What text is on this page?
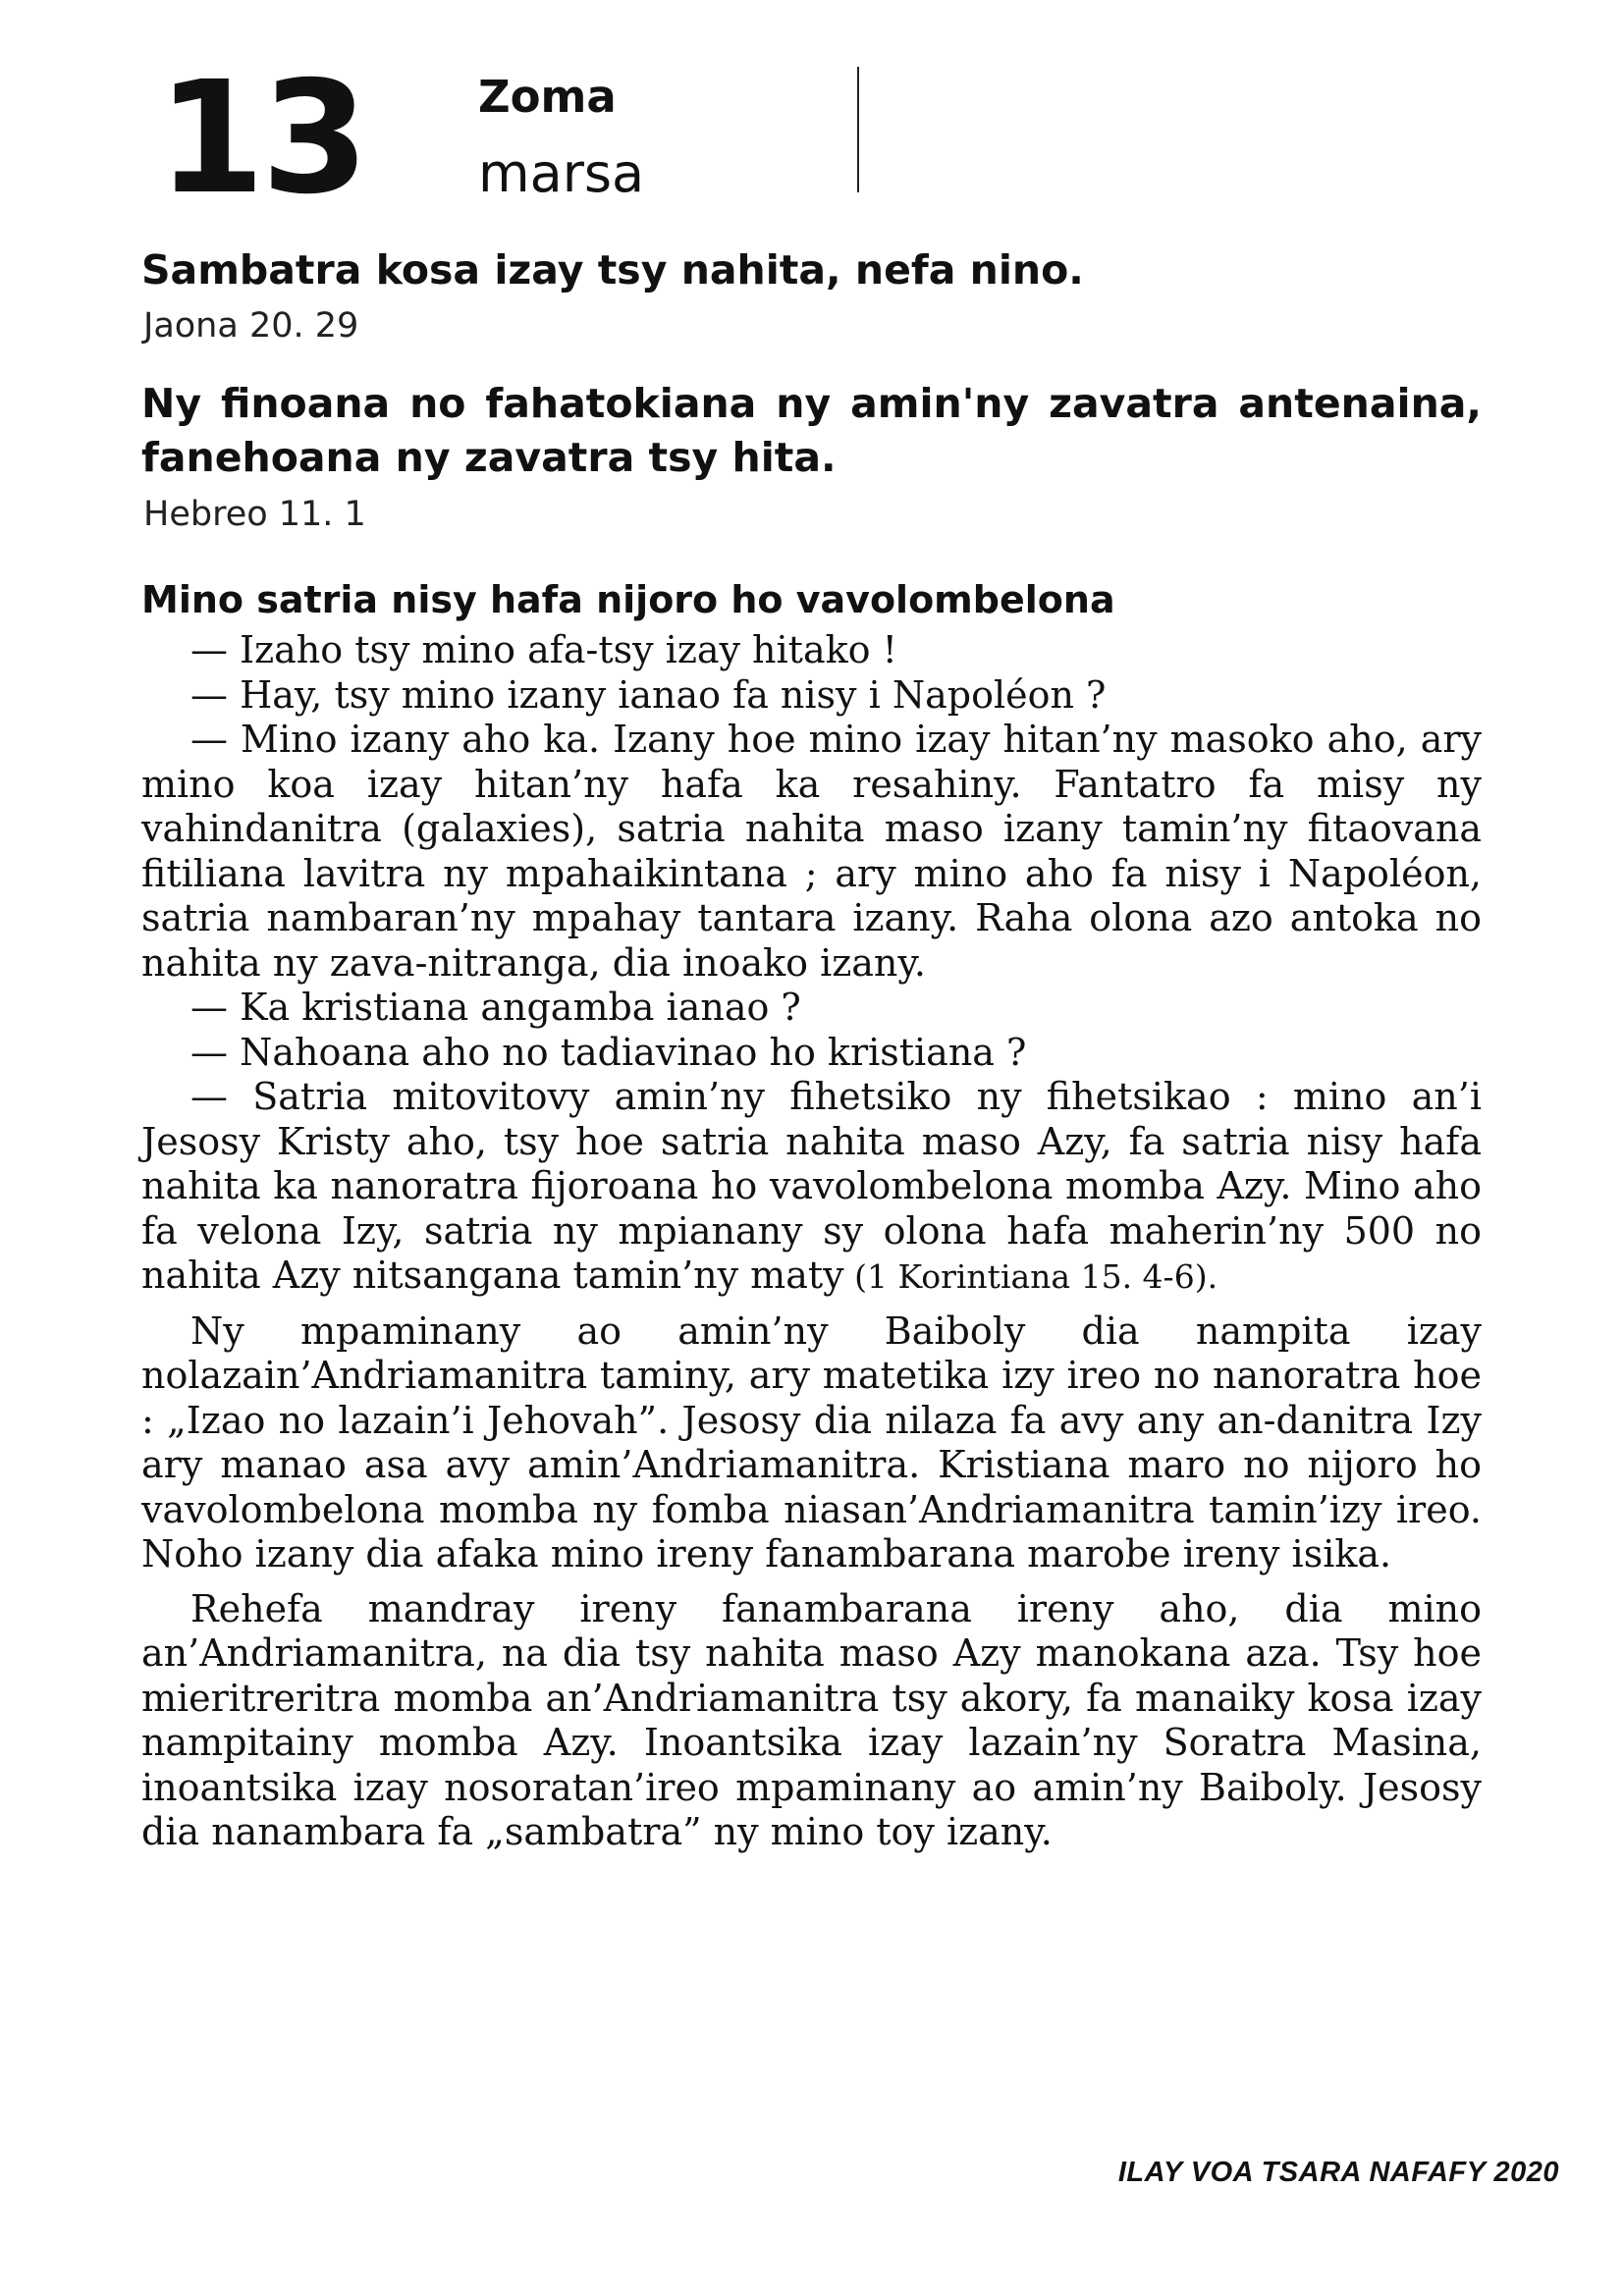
13	Zoma
marsa
Sambatra kosa izay tsy nahita, nefa nino.
Jaona 20. 29
Ny finoana no fahatokiana ny amin'ny zavatra antenaina, fanehoana ny zavatra tsy hita.
Hebreo 11. 1
Mino satria nisy hafa nijoro ho vavolombelona

— Izaho tsy mino afa-tsy izay hitako !

— Hay, tsy mino izany ianao fa nisy i Napoléon ?

— Mino izany aho ka. Izany hoe mino izay hitan’ny masoko aho, ary mino koa izay hitan’ny hafa ka resahiny. Fantatro fa misy ny vahindanitra (galaxies), satria nahita maso izany tamin’ny fitaovana fitiliana lavitra ny mpahaikintana ; ary mino aho fa nisy i Napoléon, satria nambaran’ny mpahay tantara izany. Raha olona azo antoka no nahita ny zava-nitranga, dia inoako izany.

— Ka kristiana angamba ianao ?

— Nahoana aho no tadiavinao ho kristiana ?

— Satria mitovitovy amin’ny fihetsiko ny fihetsikao : mino an’i Jesosy Kristy aho, tsy hoe satria nahita maso Azy, fa satria nisy hafa nahita ka nanoratra fijoroana ho vavolombelona momba Azy. Mino aho fa velona Izy, satria ny mpianany sy olona hafa maherin’ny 500 no nahita Azy nitsangana tamin’ny maty (1 Korintiana 15. 4-6).

Ny mpaminany ao amin’ny Baiboly dia nampita izay nolazain’Andriamanitra taminy, ary matetika izy ireo no nanoratra hoe : „Izao no lazain’i Jehovah”. Jesosy dia nilaza fa avy any an-danitra Izy ary manao asa avy amin’Andriamanitra. Kristiana maro no nijoro ho vavolombelona momba ny fomba niasan’Andriamanitra tamin’izy ireo. Noho izany dia afaka mino ireny fanambarana marobe ireny isika.

Rehefa mandray ireny fanambarana ireny aho, dia mino an’Andriamanitra, na dia tsy nahita maso Azy manokana aza. Tsy hoe mieritreritra momba an’Andriamanitra tsy akory, fa manaiky kosa izay nampitainy momba Azy. Inoantsika izay lazain’ny Soratra Masina, inoantsika izay nosoratan’ireo mpaminany ao amin’ny Baiboly. Jesosy dia nanambara fa „sambatra” ny mino toy izany.

ILAY VOA TSARA NAFAFY 2020
